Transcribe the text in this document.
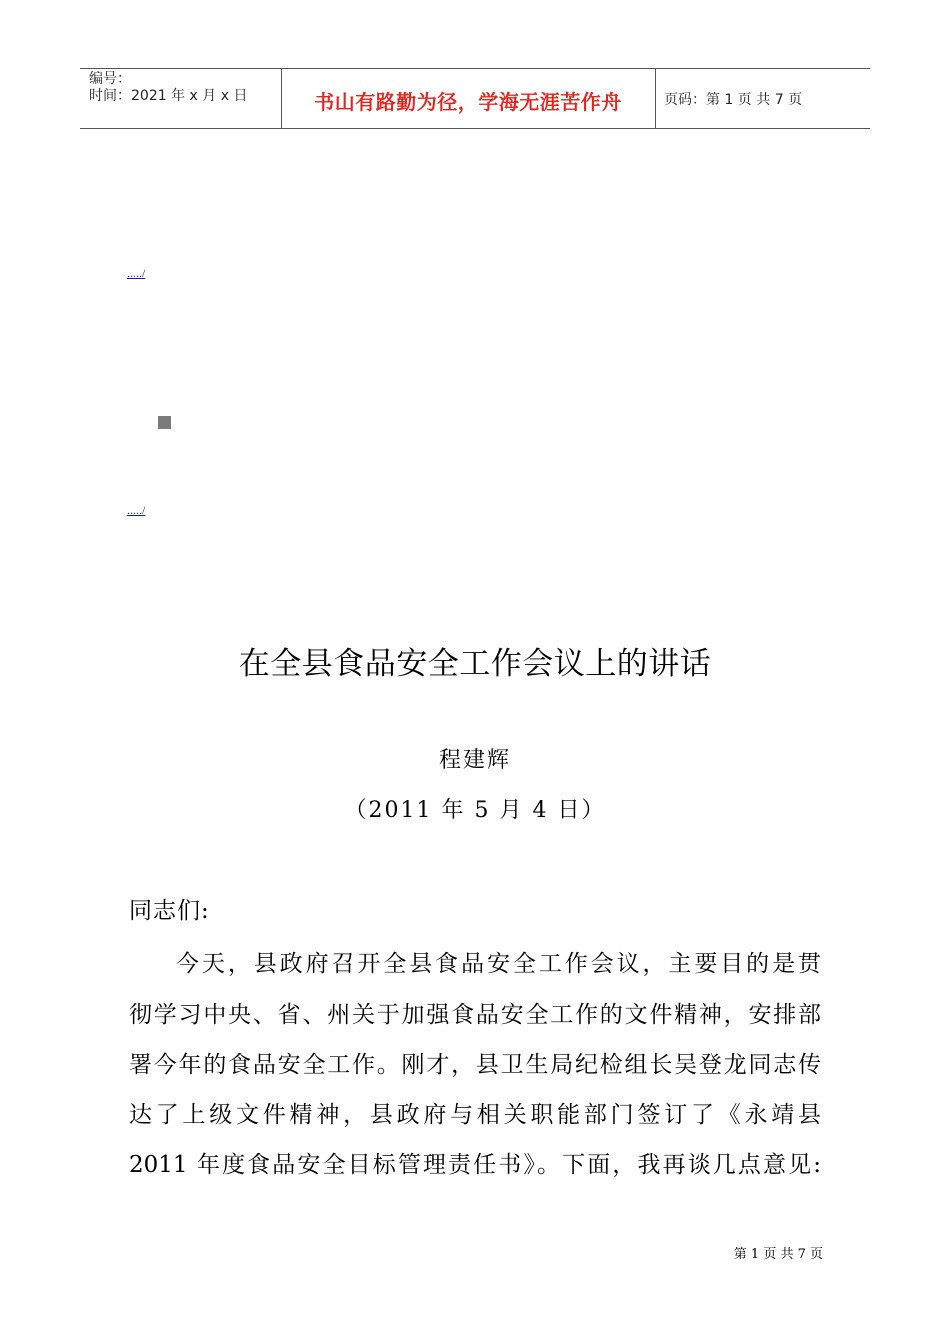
编号：
时间：2021 年 x 月 x 日	书山有路勤为径，学海无涯苦作舟	页码：第 1 页 共 7 页
...../
...../
在全县食品安全工作会议上的讲话
程建辉
（2011 年 5 月 4 日）
同志们:
今天，县政府召开全县食品安全工作会议，主要目的是贯
彻学习中央、省、州关于加强食品安全工作的文件精神，安排部
署今年的食品安全工作。刚才，县卫生局纪检组长吴登龙同志传
达了上级文件精神，县政府与相关职能部门签订了《永靖县
2011 年度食品安全目标管理责任书》。下面，我再谈几点意见:
第 1 页 共 7 页
